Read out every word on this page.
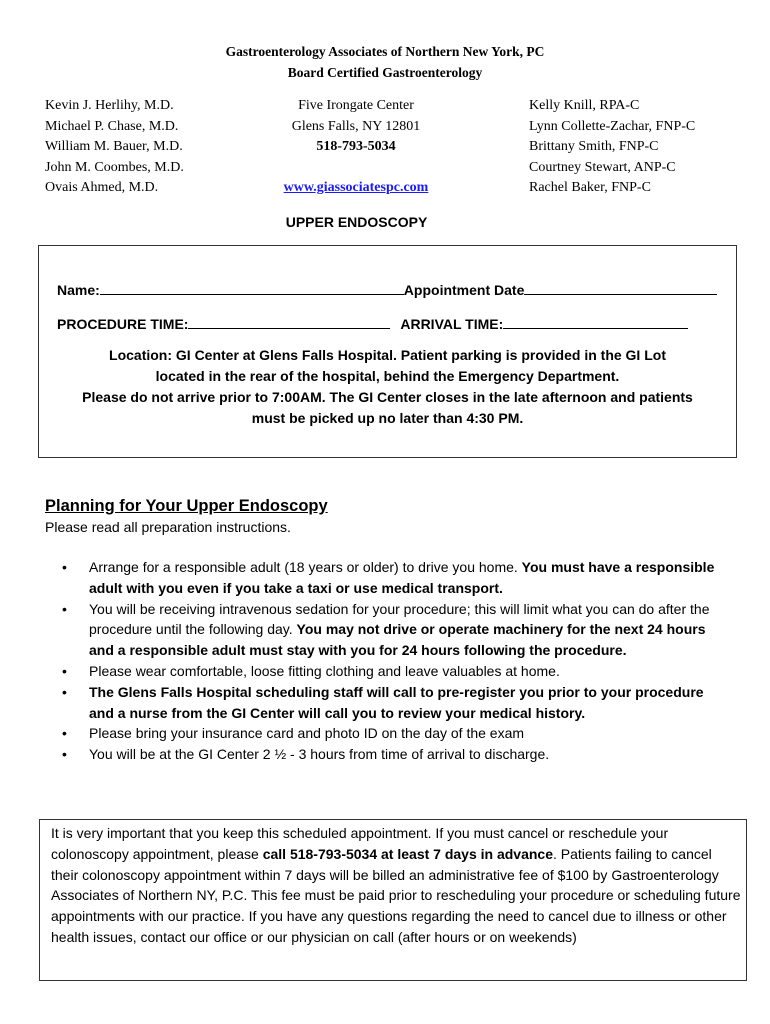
Gastroenterology Associates of Northern New York, PC
Board Certified Gastroenterology
Kevin J. Herlihy, M.D.
Michael P. Chase, M.D.
William M. Bauer, M.D.
John M. Coombes, M.D.
Ovais Ahmed, M.D.
Five Irongate Center
Glens Falls, NY 12801
518-793-5034

www.giassociatespc.com
Kelly Knill, RPA-C
Lynn Collette-Zachar, FNP-C
Brittany Smith, FNP-C
Courtney Stewart, ANP-C
Rachel Baker, FNP-C
UPPER ENDOSCOPY
Name:	Appointment Date
PROCEDURE TIME:	ARRIVAL TIME:
Location: GI Center at Glens Falls Hospital. Patient parking is provided in the GI Lot
located in the rear of the hospital, behind the Emergency Department.
Please do not arrive prior to 7:00AM. The GI Center closes in the late afternoon and patients
must be picked up no later than 4:30 PM.
Planning for Your Upper Endoscopy
Please read all preparation instructions.
• Arrange for a responsible adult (18 years or older) to drive you home. You must have a responsible adult with you even if you take a taxi or use medical transport.
• You will be receiving intravenous sedation for your procedure; this will limit what you can do after the procedure until the following day. You may not drive or operate machinery for the next 24 hours and a responsible adult must stay with you for 24 hours following the procedure.
• Please wear comfortable, loose fitting clothing and leave valuables at home.
• The Glens Falls Hospital scheduling staff will call to pre-register you prior to your procedure and a nurse from the GI Center will call you to review your medical history.
• Please bring your insurance card and photo ID on the day of the exam
• You will be at the GI Center 2 ½ - 3 hours from time of arrival to discharge.
It is very important that you keep this scheduled appointment. If you must cancel or reschedule your colonoscopy appointment, please call 518-793-5034 at least 7 days in advance. Patients failing to cancel their colonoscopy appointment within 7 days will be billed an administrative fee of $100 by Gastroenterology Associates of Northern NY, P.C. This fee must be paid prior to rescheduling your procedure or scheduling future appointments with our practice. If you have any questions regarding the need to cancel due to illness or other health issues, contact our office or our physician on call (after hours or on weekends)
